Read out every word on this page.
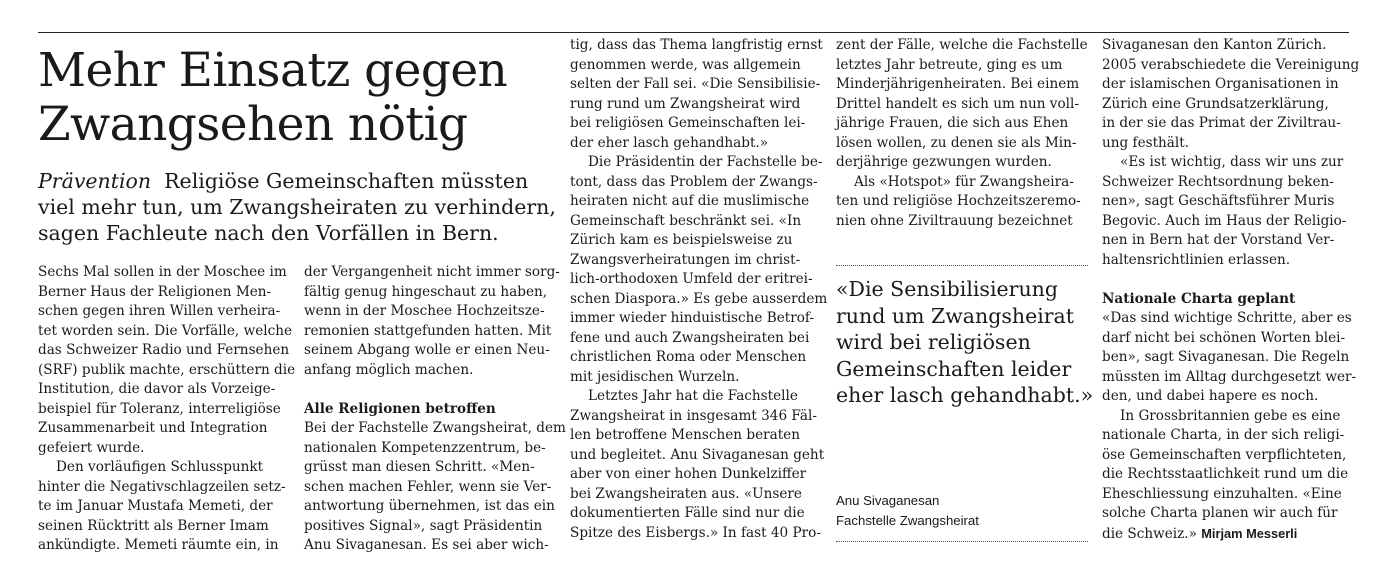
Mehr Einsatz gegen
Zwangsehen nötig
Prävention Religiöse Gemeinschaften müssten
viel mehr tun, um Zwangsheiraten zu verhindern,
sagen Fachleute nach den Vorfällen in Bern.
Sechs Mal sollen in der Moschee im
Berner Haus der Religionen Men-
schen gegen ihren Willen verheira-
tet worden sein. Die Vorfälle, welche
das Schweizer Radio und Fernsehen
(SRF) publik machte, erschüttern die
Institution, die davor als Vorzeige-
beispiel für Toleranz, interreligiöse
Zusammenarbeit und Integration
gefeiert wurde.
Den vorläufigen Schlusspunkt
hinter die Negativschlagzeilen setz-
te im Januar Mustafa Memeti, der
seinen Rücktritt als Berner Imam
ankündigte. Memeti räumte ein, in
der Vergangenheit nicht immer sorg-
fältig genug hingeschaut zu haben,
wenn in der Moschee Hochzeitsze-
remonien stattgefunden hatten. Mit
seinem Abgang wolle er einen Neu-
anfang möglich machen.
Alle Religionen betroffen
Bei der Fachstelle Zwangsheirat, dem
nationalen Kompetenzzentrum, be-
grüsst man diesen Schritt. «Men-
schen machen Fehler, wenn sie Ver-
antwortung übernehmen, ist das ein
positives Signal», sagt Präsidentin
Anu Sivaganesan. Es sei aber wich-
tig, dass das Thema langfristig ernst
genommen werde, was allgemein
selten der Fall sei. «Die Sensibilisie-
rung rund um Zwangsheirat wird
bei religiösen Gemeinschaften lei-
der eher lasch gehandhabt.»
Die Präsidentin der Fachstelle be-
tont, dass das Problem der Zwangs-
heiraten nicht auf die muslimische
Gemeinschaft beschränkt sei. «In
Zürich kam es beispielsweise zu
Zwangsverheiratungen im christ-
lich-orthodoxen Umfeld der eritrei-
schen Diaspora.» Es gebe ausserdem
immer wieder hinduistische Betrof-
fene und auch Zwangsheiraten bei
christlichen Roma oder Menschen
mit jesidischen Wurzeln.
Letztes Jahr hat die Fachstelle
Zwangsheirat in insgesamt 346 Fäl-
len betroffene Menschen beraten
und begleitet. Anu Sivaganesan geht
aber von einer hohen Dunkelziffer
bei Zwangsheiraten aus. «Unsere
dokumentierten Fälle sind nur die
Spitze des Eisbergs.» In fast 40 Pro-
zent der Fälle, welche die Fachstelle
letztes Jahr betreute, ging es um
Minderjährigenheiraten. Bei einem
Drittel handelt es sich um nun voll-
jährige Frauen, die sich aus Ehen
lösen wollen, zu denen sie als Min-
derjährige gezwungen wurden.
Als «Hotspot» für Zwangsheira-
ten und religiöse Hochzeitszeremo-
nien ohne Ziviltrauung bezeichnet
«Die Sensibilisierung
rund um Zwangsheirat
wird bei religiösen
Gemeinschaften leider
eher lasch gehandhabt.»
Anu Sivaganesan
Fachstelle Zwangsheirat
Sivaganesan den Kanton Zürich.
2005 verabschiedete die Vereinigung
der islamischen Organisationen in
Zürich eine Grundsatzerklärung,
in der sie das Primat der Ziviltrau-
ung festhält.
«Es ist wichtig, dass wir uns zur
Schweizer Rechtsordnung beken-
nen», sagt Geschäftsführer Muris
Begovic. Auch im Haus der Religio-
nen in Bern hat der Vorstand Ver-
haltensrichtlinien erlassen.
Nationale Charta geplant
«Das sind wichtige Schritte, aber es
darf nicht bei schönen Worten blei-
ben», sagt Sivaganesan. Die Regeln
müssten im Alltag durchgesetzt wer-
den, und dabei hapere es noch.
In Grossbritannien gebe es eine
nationale Charta, in der sich religi-
öse Gemeinschaften verpflichteten,
die Rechtsstaatlichkeit rund um die
Eheschliessung einzuhalten. «Eine
solche Charta planen wir auch für
die Schweiz.» Mirjam Messerli
